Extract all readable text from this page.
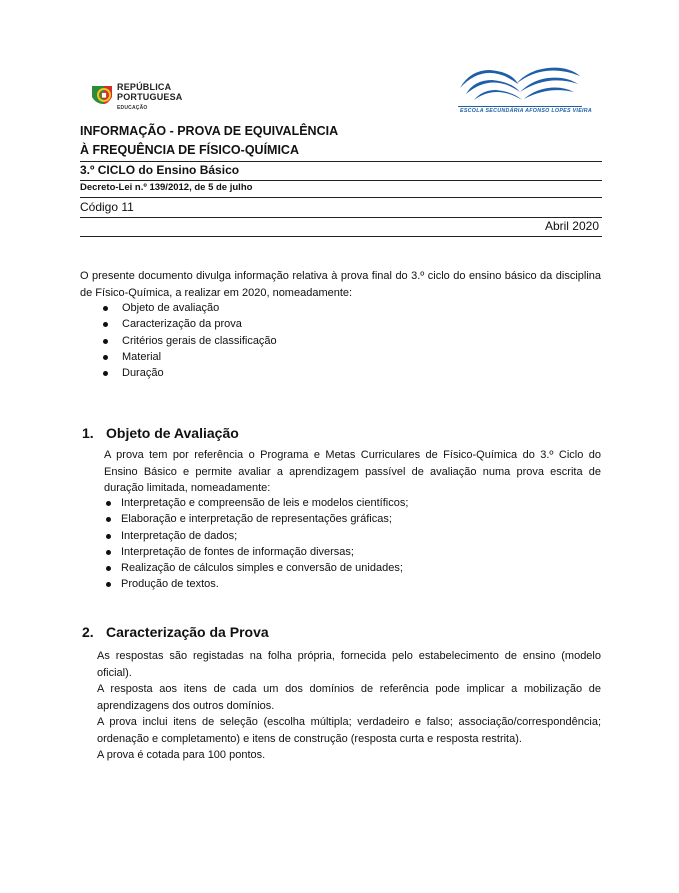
REPÚBLICA
PORTUGUESA
EDUCAÇÃO	ESCOLA SECUNDÁRIA AFONSO LOPES VIEIRA
INFORMAÇÃO - PROVA DE EQUIVALÊNCIA
À FREQUÊNCIA DE FÍSICO-QUÍMICA
3.º CICLO do Ensino Básico
Decreto-Lei n.º 139/2012, de 5 de julho
Código 11
Abril 2020
O presente documento divulga informação relativa à prova final do 3.º ciclo do ensino básico da disciplina de Físico-Química, a realizar em 2020, nomeadamente:
Objeto de avaliação
Caracterização da prova
Critérios gerais de classificação
Material
Duração
1. Objeto de Avaliação
A prova tem por referência o Programa e Metas Curriculares de Físico-Química do 3.º Ciclo do Ensino Básico e permite avaliar a aprendizagem passível de avaliação numa prova escrita de duração limitada, nomeadamente:
Interpretação e compreensão de leis e modelos científicos;
Elaboração e interpretação de representações gráficas;
Interpretação de dados;
Interpretação de fontes de informação diversas;
Realização de cálculos simples e conversão de unidades;
Produção de textos.
2. Caracterização da Prova
As respostas são registadas na folha própria, fornecida pelo estabelecimento de ensino (modelo oficial).
A resposta aos itens de cada um dos domínios de referência pode implicar a mobilização de aprendizagens dos outros domínios.
A prova inclui itens de seleção (escolha múltipla; verdadeiro e falso; associação/correspondência; ordenação e completamento) e itens de construção (resposta curta e resposta restrita).
A prova é cotada para 100 pontos.
